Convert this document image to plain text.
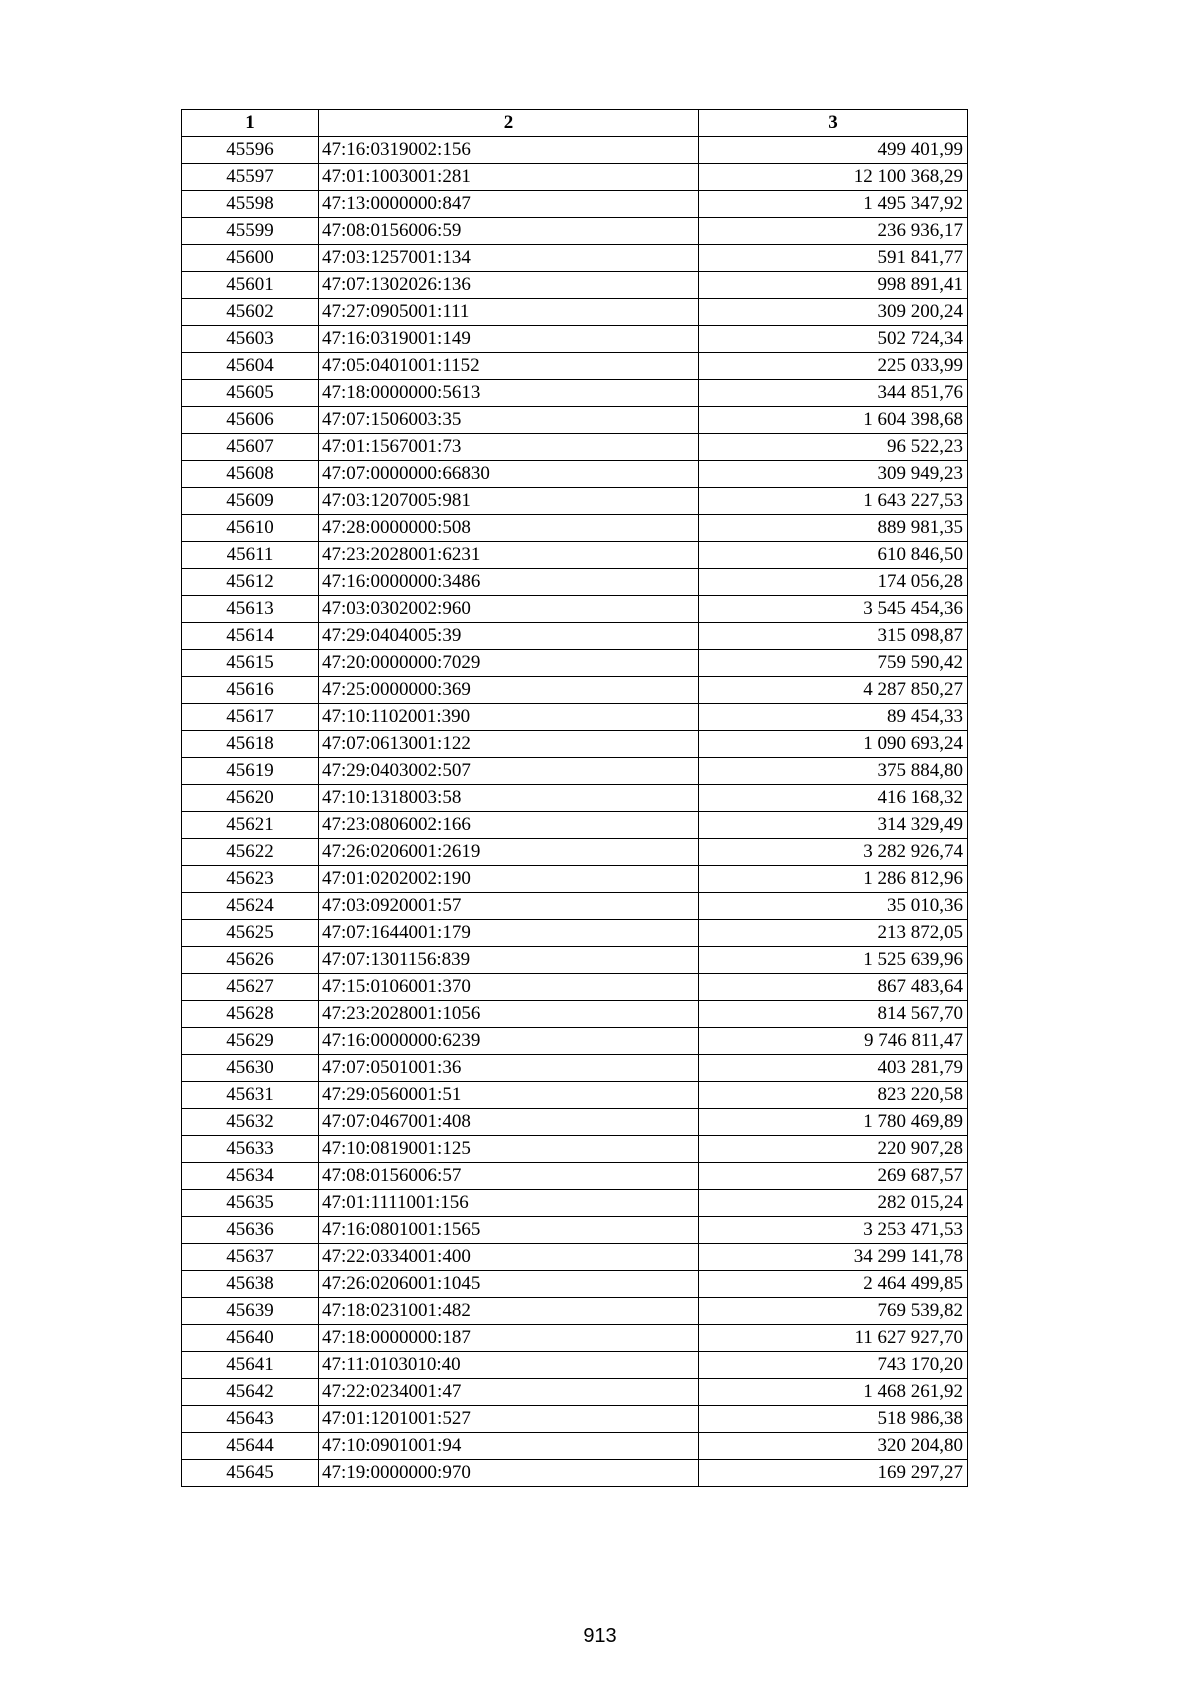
1	2	3
45596	47:16:0319002:156	499 401,99
45597	47:01:1003001:281	12 100 368,29
45598	47:13:0000000:847	1 495 347,92
45599	47:08:0156006:59	236 936,17
45600	47:03:1257001:134	591 841,77
45601	47:07:1302026:136	998 891,41
45602	47:27:0905001:111	309 200,24
45603	47:16:0319001:149	502 724,34
45604	47:05:0401001:1152	225 033,99
45605	47:18:0000000:5613	344 851,76
45606	47:07:1506003:35	1 604 398,68
45607	47:01:1567001:73	96 522,23
45608	47:07:0000000:66830	309 949,23
45609	47:03:1207005:981	1 643 227,53
45610	47:28:0000000:508	889 981,35
45611	47:23:2028001:6231	610 846,50
45612	47:16:0000000:3486	174 056,28
45613	47:03:0302002:960	3 545 454,36
45614	47:29:0404005:39	315 098,87
45615	47:20:0000000:7029	759 590,42
45616	47:25:0000000:369	4 287 850,27
45617	47:10:1102001:390	89 454,33
45618	47:07:0613001:122	1 090 693,24
45619	47:29:0403002:507	375 884,80
45620	47:10:1318003:58	416 168,32
45621	47:23:0806002:166	314 329,49
45622	47:26:0206001:2619	3 282 926,74
45623	47:01:0202002:190	1 286 812,96
45624	47:03:0920001:57	35 010,36
45625	47:07:1644001:179	213 872,05
45626	47:07:1301156:839	1 525 639,96
45627	47:15:0106001:370	867 483,64
45628	47:23:2028001:1056	814 567,70
45629	47:16:0000000:6239	9 746 811,47
45630	47:07:0501001:36	403 281,79
45631	47:29:0560001:51	823 220,58
45632	47:07:0467001:408	1 780 469,89
45633	47:10:0819001:125	220 907,28
45634	47:08:0156006:57	269 687,57
45635	47:01:1111001:156	282 015,24
45636	47:16:0801001:1565	3 253 471,53
45637	47:22:0334001:400	34 299 141,78
45638	47:26:0206001:1045	2 464 499,85
45639	47:18:0231001:482	769 539,82
45640	47:18:0000000:187	11 627 927,70
45641	47:11:0103010:40	743 170,20
45642	47:22:0234001:47	1 468 261,92
45643	47:01:1201001:527	518 986,38
45644	47:10:0901001:94	320 204,80
45645	47:19:0000000:970	169 297,27
913
